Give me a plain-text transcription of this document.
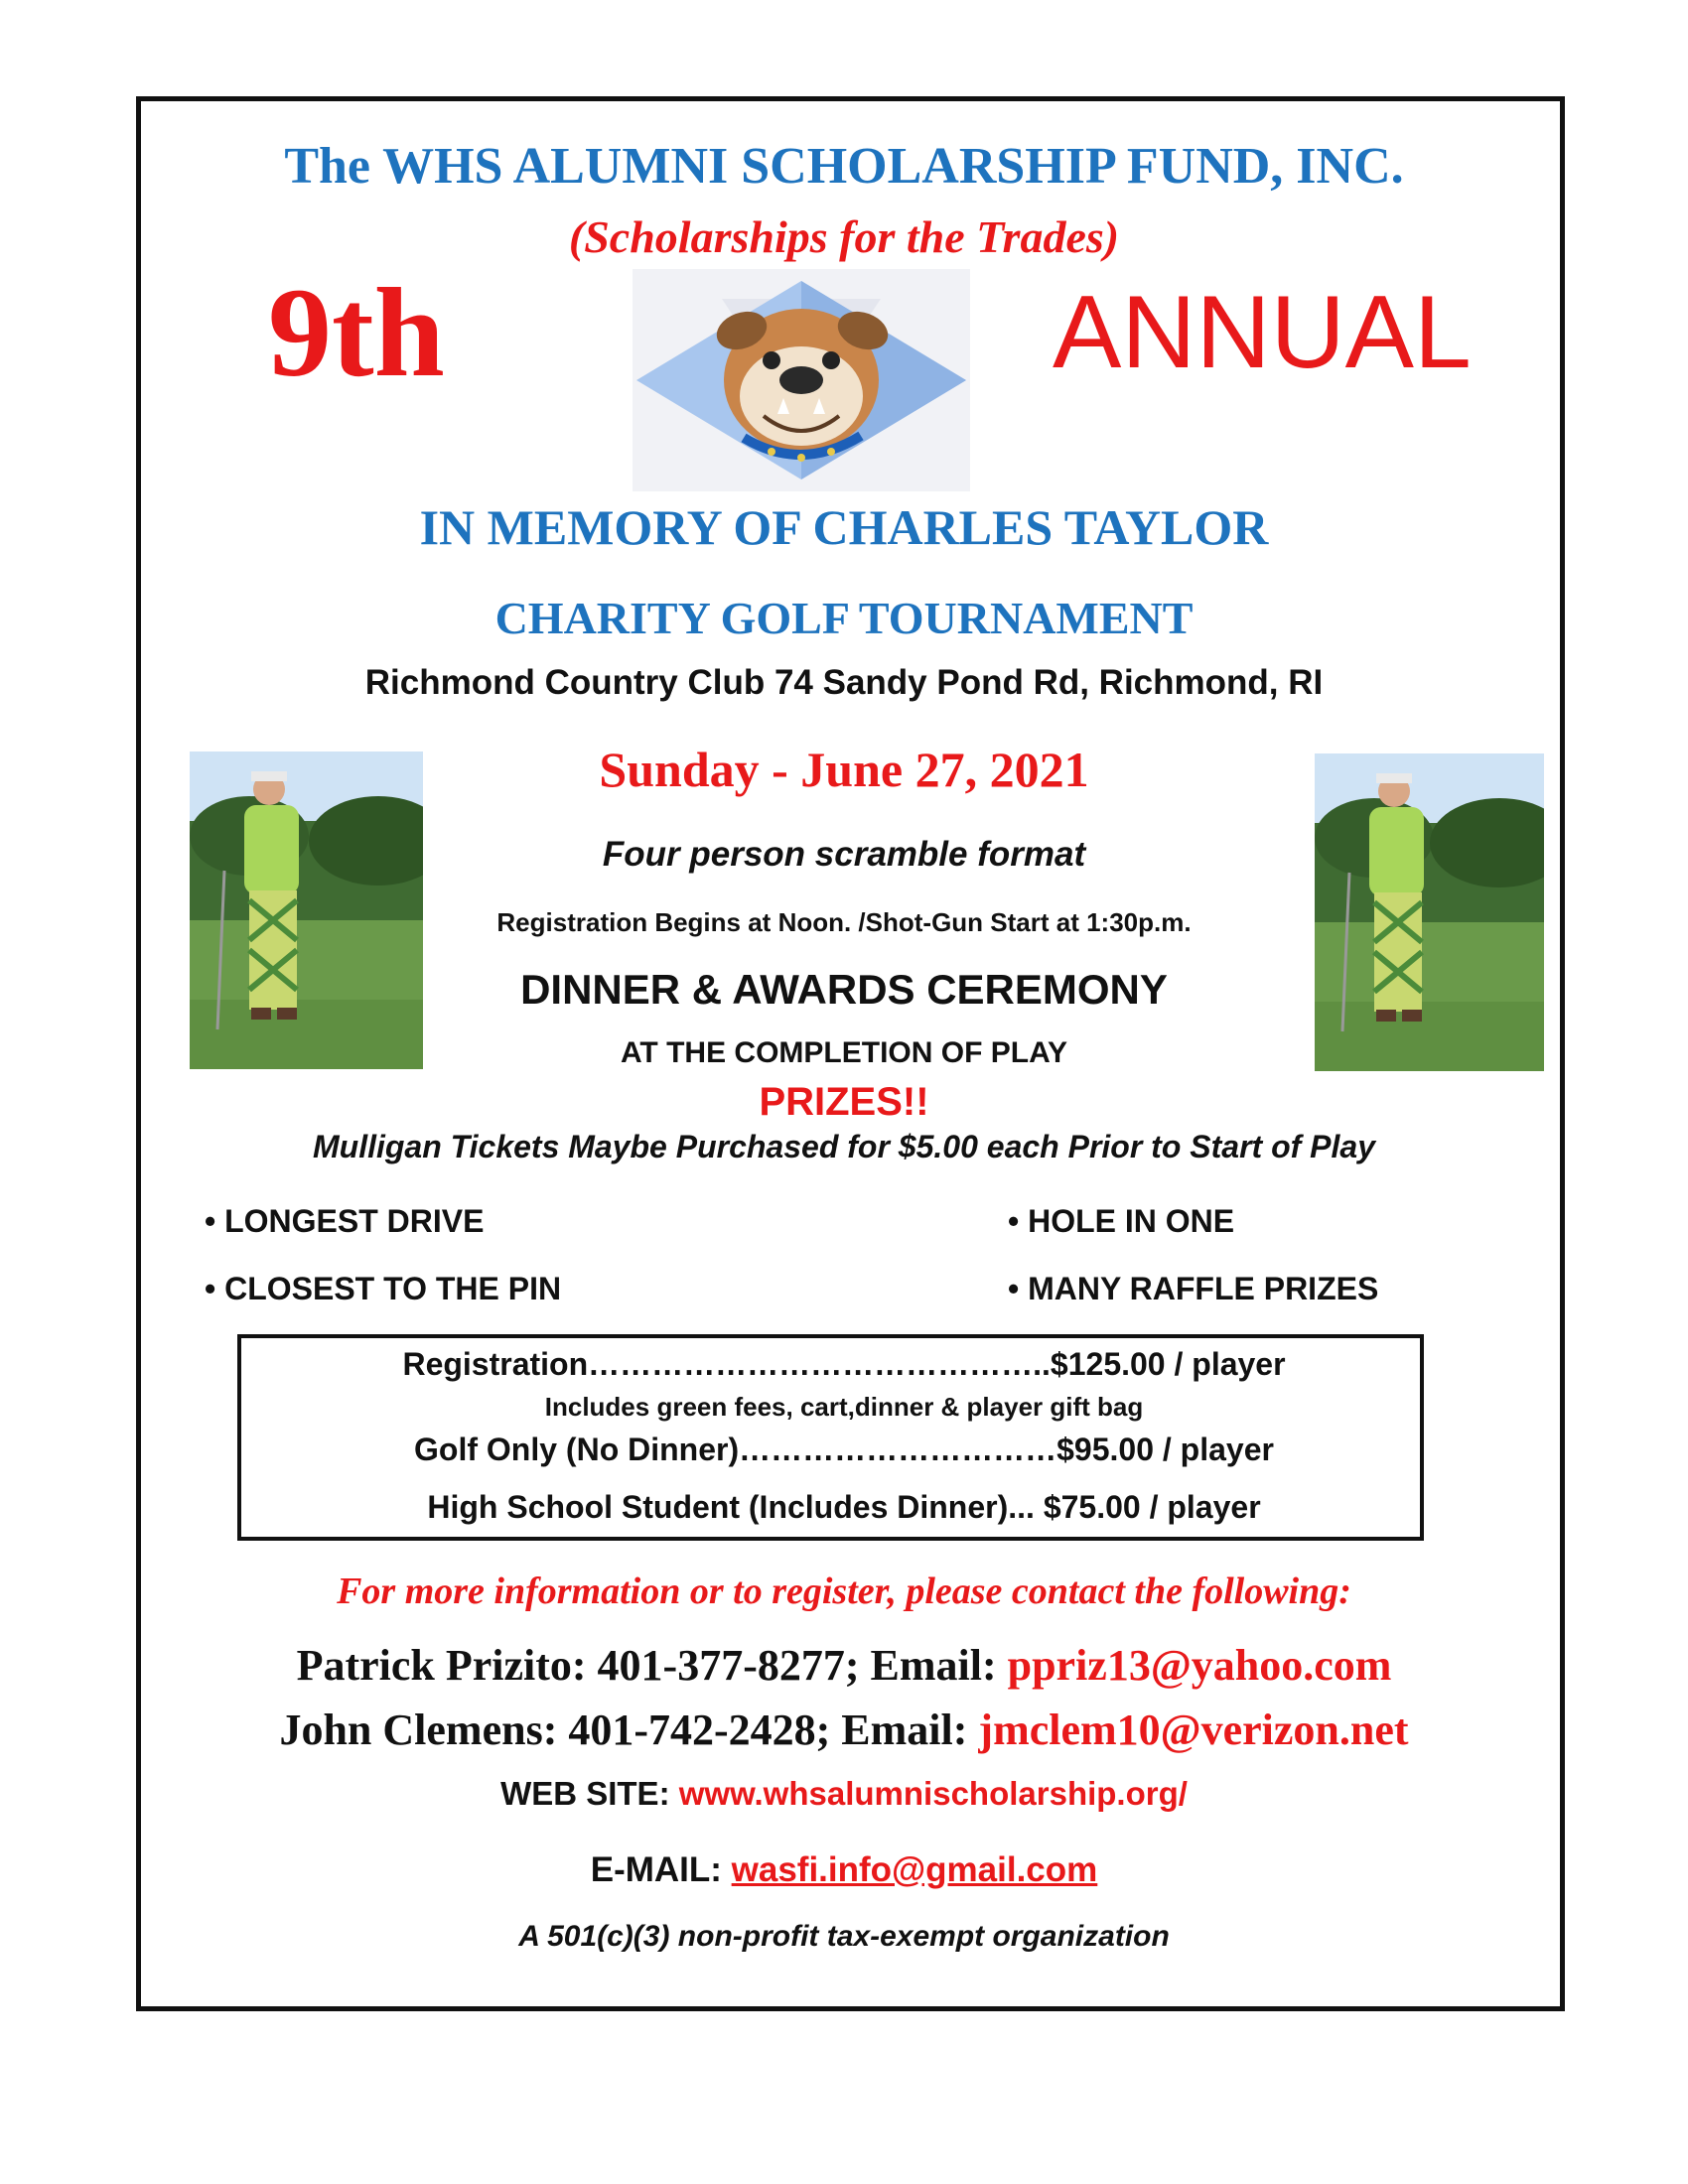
The WHS ALUMNI SCHOLARSHIP FUND, INC.
(Scholarships for the Trades)
9th	ANNUAL
IN MEMORY OF CHARLES TAYLOR
CHARITY GOLF TOURNAMENT
Richmond Country Club 74 Sandy Pond Rd, Richmond, RI
Sunday - June 27, 2021
Four person scramble format
Registration Begins at Noon. /Shot-Gun Start at 1:30p.m.
DINNER & AWARDS CEREMONY
AT THE COMPLETION OF PLAY
PRIZES!!
Mulligan Tickets Maybe Purchased for $5.00 each Prior to Start of Play
• LONGEST DRIVE	• HOLE IN ONE
• CLOSEST TO THE PIN	• MANY RAFFLE PRIZES
Registration……………………………………..$125.00 / player
Includes green fees, cart,dinner & player gift bag
Golf Only (No Dinner)…………………………$95.00 / player
High School Student (Includes Dinner)... $75.00 / player
For more information or to register, please contact the following:
Patrick Prizito: 401-377-8277; Email: ppriz13@yahoo.com
John Clemens: 401-742-2428; Email: jmclem10@verizon.net
WEB SITE: www.whsalumnischolarship.org/
E-MAIL: wasfi.info@gmail.com
A 501(c)(3) non-profit tax-exempt organization
